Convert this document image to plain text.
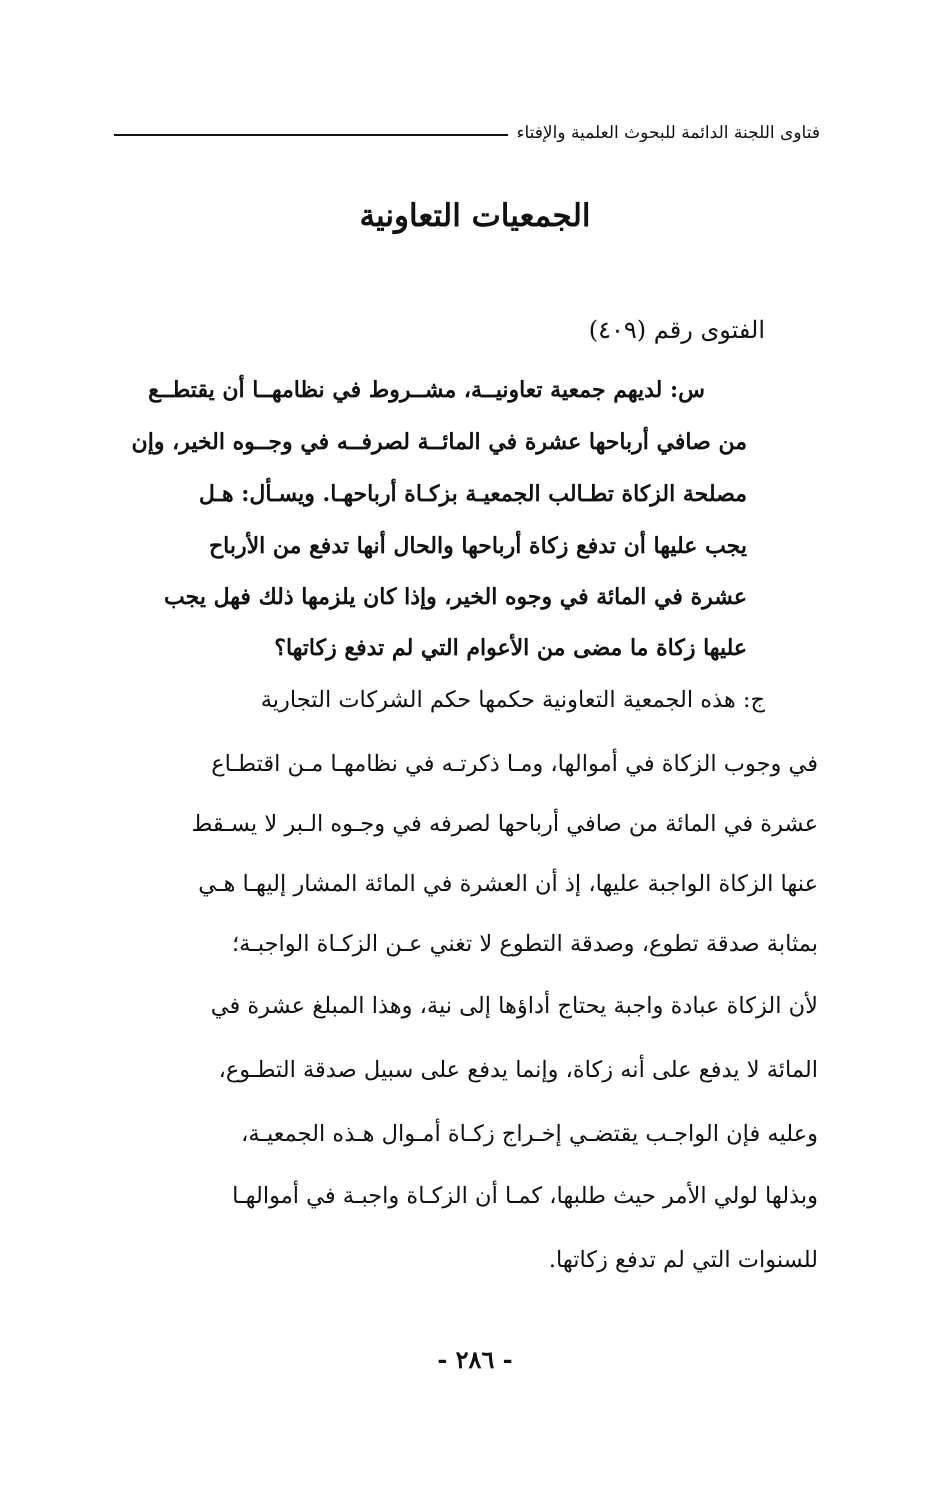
فتاوى اللجنة الدائمة للبحوث العلمية والإفتاء
الجمعيات التعاونية
الفتوى رقم (٤٠٩)
س: لديهم جمعية تعاونيــة، مشــروط في نظامهــا أن يقتطــع
من صافي أرباحها عشرة في المائــة لصرفــه في وجــوه الخير، وإن
مصلحة الزكاة تطـالب الجمعيـة بزكـاة أرباحهـا. ويسـأل: هـل
يجب عليها أن تدفع زكاة أرباحها والحال أنها تدفع من الأرباح
عشرة في المائة في وجوه الخير، وإذا كان يلزمها ذلك فهل يجب
عليها زكاة ما مضى من الأعوام التي لم تدفع زكاتها؟
ج: هذه الجمعية التعاونية حكمها حكم الشركات التجارية
في وجوب الزكاة في أموالها، ومـا ذكرتـه في نظامهـا مـن اقتطـاع
عشرة في المائة من صافي أرباحها لصرفه في وجـوه الـبر لا يسـقط
عنها الزكاة الواجبة عليها، إذ أن العشرة في المائة المشار إليهـا هـي
بمثابة صدقة تطوع، وصدقة التطوع لا تغني عـن الزكـاة الواجبـة؛
لأن الزكاة عبادة واجبة يحتاج أداؤها إلى نية، وهذا المبلغ عشرة في
المائة لا يدفع على أنه زكاة، وإنما يدفع على سبيل صدقة التطـوع،
وعليه فإن الواجـب يقتضـي إخـراج زكـاة أمـوال هـذه الجمعيـة،
وبذلها لولي الأمر حيث طلبها، كمـا أن الزكـاة واجبـة في أموالهـا
للسنوات التي لم تدفع زكاتها.
- ٢٨٦ -
